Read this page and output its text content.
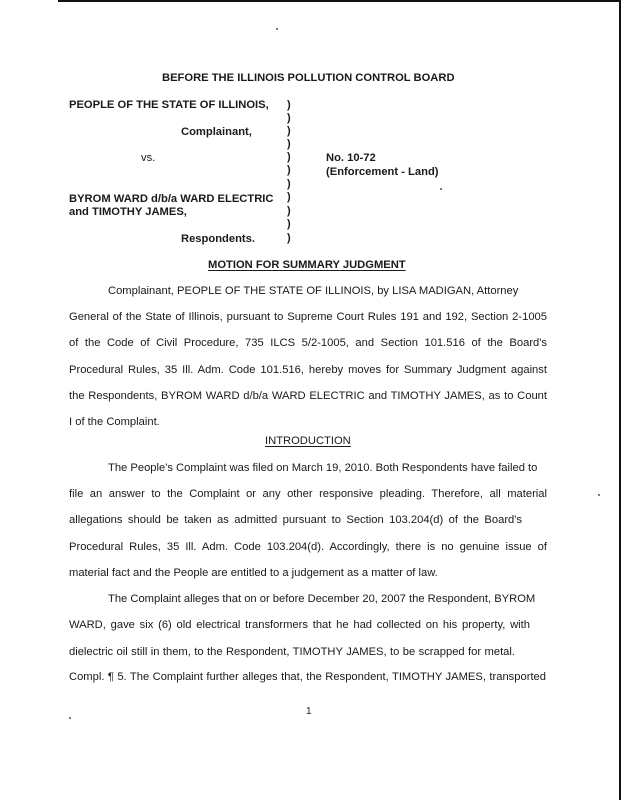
BEFORE THE ILLINOIS POLLUTION CONTROL BOARD
PEOPLE OF THE STATE OF ILLINOIS,
Complainant,
vs.	No. 10-72
(Enforcement - Land)
BYROM WARD d/b/a WARD ELECTRIC
and TIMOTHY JAMES,
Respondents.
)
)
)
)
)
)
)
)
)
)
)
MOTION FOR SUMMARY JUDGMENT
Complainant, PEOPLE OF THE STATE OF ILLINOIS, by LISA MADIGAN, Attorney
General of the State of Illinois, pursuant to Supreme Court Rules 191 and 192, Section 2-1005
of the Code of Civil Procedure, 735 ILCS 5/2-1005, and Section 101.516 of the Board's
Procedural Rules, 35 Ill. Adm. Code 101.516, hereby moves for Summary Judgment against
the Respondents, BYROM WARD d/b/a WARD ELECTRIC and TIMOTHY JAMES, as to Count
I of the Complaint.
INTRODUCTION
The People's Complaint was filed on March 19, 2010. Both Respondents have failed to
file an answer to the Complaint or any other responsive pleading. Therefore, all material
allegations should be taken as admitted pursuant to Section 103.204(d) of the Board's
Procedural Rules, 35 Ill. Adm. Code 103.204(d). Accordingly, there is no genuine issue of
material fact and the People are entitled to a judgement as a matter of law.
The Complaint alleges that on or before December 20, 2007 the Respondent, BYROM
WARD, gave six (6) old electrical transformers that he had collected on his property, with
dielectric oil still in them, to the Respondent, TIMOTHY JAMES, to be scrapped for metal.
Compl. ¶ 5. The Complaint further alleges that, the Respondent, TIMOTHY JAMES, transported
1
